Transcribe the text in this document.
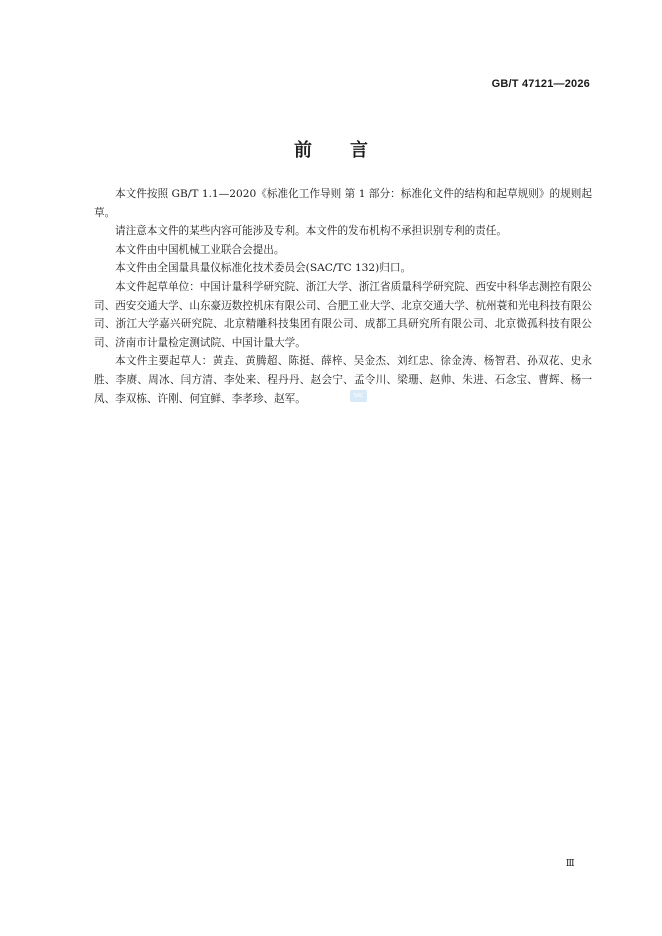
GB/T 47121—2026
前言

本文件按照 GB/T 1.1—2020《标准化工作导则 第 1 部分：标准化文件的结构和起草规则》的规则起草。

请注意本文件的某些内容可能涉及专利。本文件的发布机构不承担识别专利的责任。

本文件由中国机械工业联合会提出。

本文件由全国量具量仪标准化技术委员会(SAC/TC 132)归口。

本文件起草单位：中国计量科学研究院、浙江大学、浙江省质量科学研究院、西安中科华志测控有限公司、西安交通大学、山东豪迈数控机床有限公司、合肥工业大学、北京交通大学、杭州蓑和光电科技有限公司、浙江大学嘉兴研究院、北京精雕科技集团有限公司、成都工具研究所有限公司、北京微孤科技有限公司、济南市计量检定测试院、中国计量大学。

本文件主要起草人：黄垚、黄腾超、陈挺、薛梓、吴金杰、刘红忠、徐金涛、杨智君、孙双花、史永胜、李赓、周冰、闫方清、李处来、程丹丹、赵会宁、孟令川、梁珊、赵帅、朱进、石念宝、曹辉、杨一凤、李双栋、许刚、何宜鲜、李孝珍、赵军。	SAC
Ⅲ
